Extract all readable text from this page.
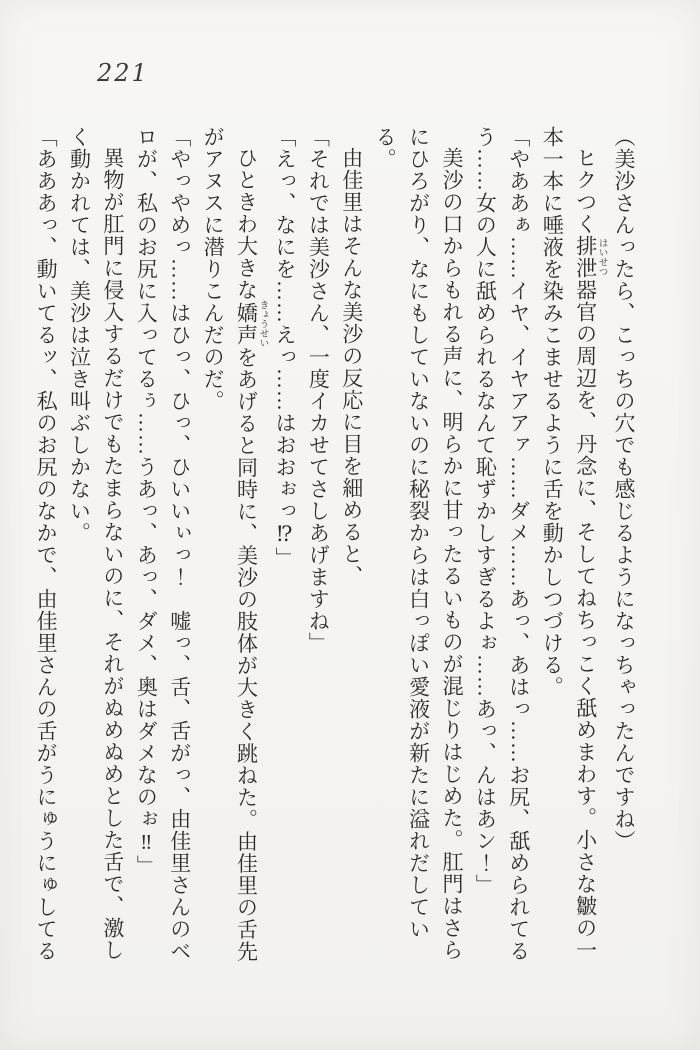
221

（美沙さんったら、こっちの穴でも感じるようになっちゃったんですね）

ヒクつく排泄 はいせつ器官の周辺を、丹念に、そしてねちっこく舐めまわす。小さな皺の一

本一本に唾液を染みこませるように舌を動かしつづける。

「やああぁ……イヤ、イヤアアァ……ダメ……あっ、あはっ……お尻、舐められてる

う……女の人に舐められるなんて恥ずかしすぎるよぉ……あっ、んはあン！」

美沙の口からもれる声に、明らかに甘ったるいものが混じりはじめた。肛門はさら

にひろがり、なにもしていないのに秘裂からは白っぽい愛液が新たに溢れだしている。

由佳里はそんな美沙の反応に目を細めると、

「それでは美沙さん、一度イカせてさしあげますね」

「えっ、なにを……えっ……はおおぉっ⁉」

ひときわ大きな嬌声 きょうせいをあげると同時に、美沙の肢体が大きく跳ねた。由佳里の舌先

がアヌスに潜りこんだのだ。

「やっやめっ……はひっ、ひっ、ひいいぃっ！　嘘っ、舌、舌がっ、由佳里さんのベ

ロが、私のお尻に入ってるぅ……うあっ、あっ、ダメ、奥はダメなのぉ‼」

異物が肛門に侵入するだけでもたまらないのに、それがぬめぬめとした舌で、激し

く動かれては、美沙は泣き叫ぶしかない。

「あああっ、動いてるッ、私のお尻のなかで、由佳里さんの舌がうにゅうにゅしてる
